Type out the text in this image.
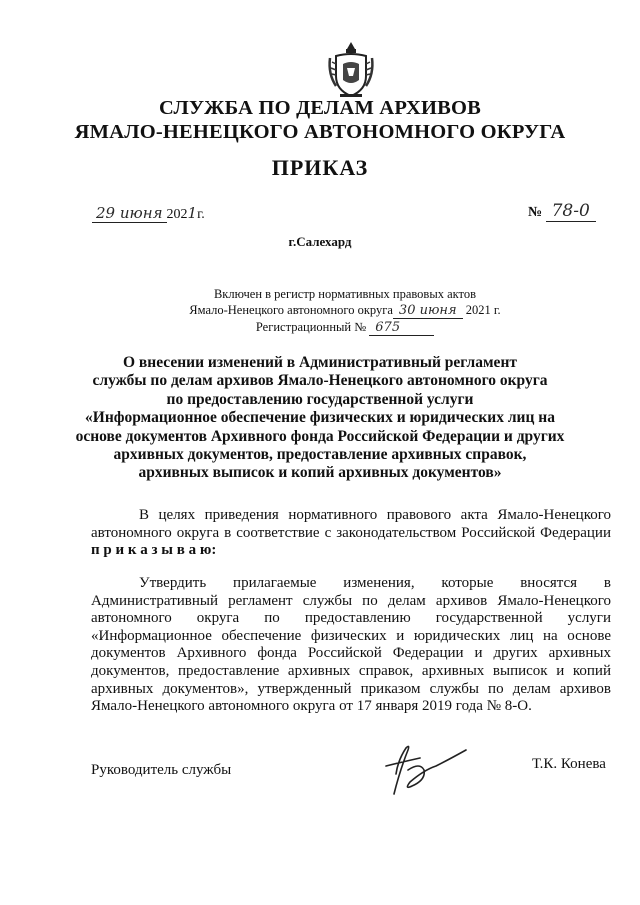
СЛУЖБА ПО ДЕЛАМ АРХИВОВ
ЯМАЛО-НЕНЕЦКОГО АВТОНОМНОГО ОКРУГА
ПРИКАЗ
29 июня 2021г.	№ 78-0
г.Салехард
Включен в регистр нормативных правовых актов
Ямало-Ненецкого автономного округа 30 июня 2021 г.
Регистрационный № 675
О внесении изменений в Административный регламент
службы по делам архивов Ямало-Ненецкого автономного округа
по предоставлению государственной услуги
«Информационное обеспечение физических и юридических лиц на
основе документов Архивного фонда Российской Федерации и других
архивных документов, предоставление архивных справок,
архивных выписок и копий архивных документов»
В целях приведения нормативного правового акта Ямало-Ненецкого
автономного округа в соответствие с законодательством Российской Федерации
п р и к а з ы в а ю:
Утвердить прилагаемые изменения, которые вносятся в
Административный регламент службы по делам архивов Ямало-Ненецкого
автономного округа по предоставлению государственной услуги
«Информационное обеспечение физических и юридических лиц на основе
документов Архивного фонда Российской Федерации и других архивных
документов, предоставление архивных справок, архивных выписок и копий
архивных документов», утвержденный приказом службы по делам архивов
Ямало-Ненецкого автономного округа от 17 января 2019 года № 8-О.
Руководитель службы	Т.К. Конева
